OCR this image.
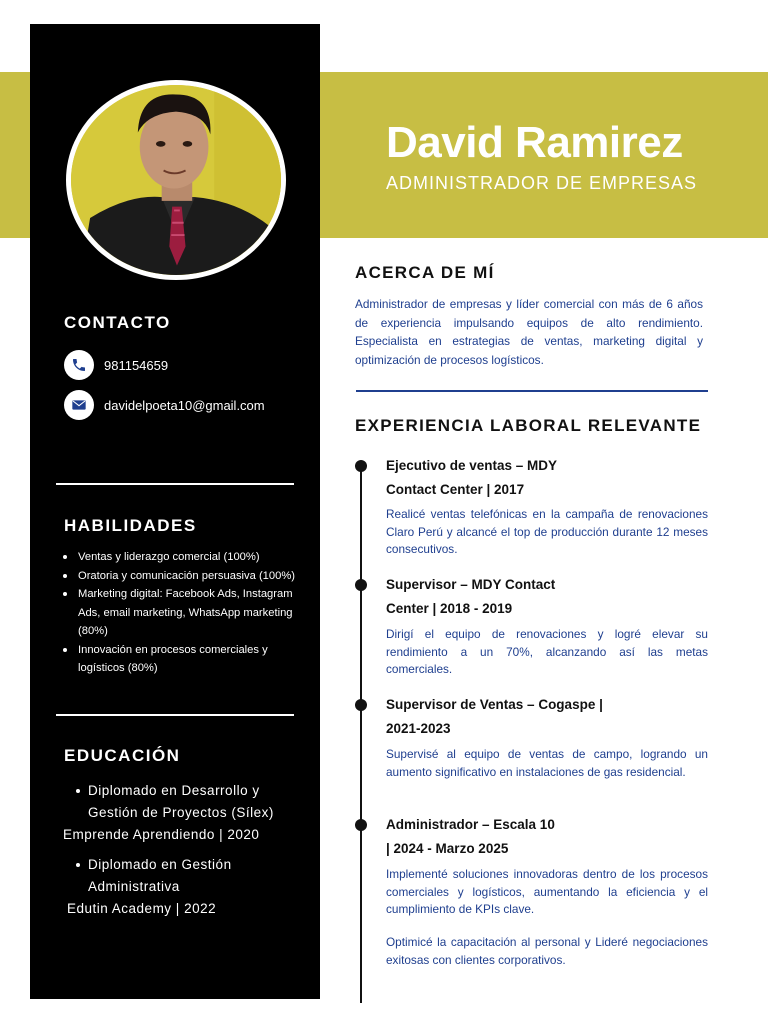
David Ramirez
ADMINISTRADOR DE EMPRESAS
CONTACTO
981154659
davidelpoeta10@gmail.com
HABILIDADES
Ventas y liderazgo comercial (100%)
Oratoria y comunicación persuasiva (100%)
Marketing digital: Facebook Ads, Instagram Ads, email marketing, WhatsApp marketing (80%)
Innovación en procesos comerciales y logísticos (80%)
EDUCACIÓN
Diplomado en Desarrollo y
Gestión de Proyectos (Sílex)
Emprende Aprendiendo | 2020
Diplomado en Gestión
Administrativa
Edutin Academy | 2022
ACERCA DE MÍ
Administrador de empresas y líder comercial con más de 6 años de experiencia impulsando equipos de alto rendimiento. Especialista en estrategias de ventas, marketing digital y optimización de procesos logísticos.
EXPERIENCIA LABORAL RELEVANTE
Ejecutivo de ventas – MDY
Contact Center | 2017
Realicé ventas telefónicas en la campaña de renovaciones Claro Perú y alcancé el top de producción durante 12 meses consecutivos.
Supervisor – MDY Contact
Center | 2018 - 2019
Dirigí el equipo de renovaciones y logré elevar su rendimiento a un 70%, alcanzando así las metas comerciales.
Supervisor de Ventas – Cogaspe |
2021-2023
Supervisé al equipo de ventas de campo, logrando un aumento significativo en instalaciones de gas residencial.
Administrador – Escala 10
| 2024 - Marzo 2025
Implementé soluciones innovadoras dentro de los procesos comerciales y logísticos, aumentando la eficiencia y el cumplimiento de KPIs clave.
Optimicé la capacitación al personal y Lideré negociaciones exitosas con clientes corporativos.
